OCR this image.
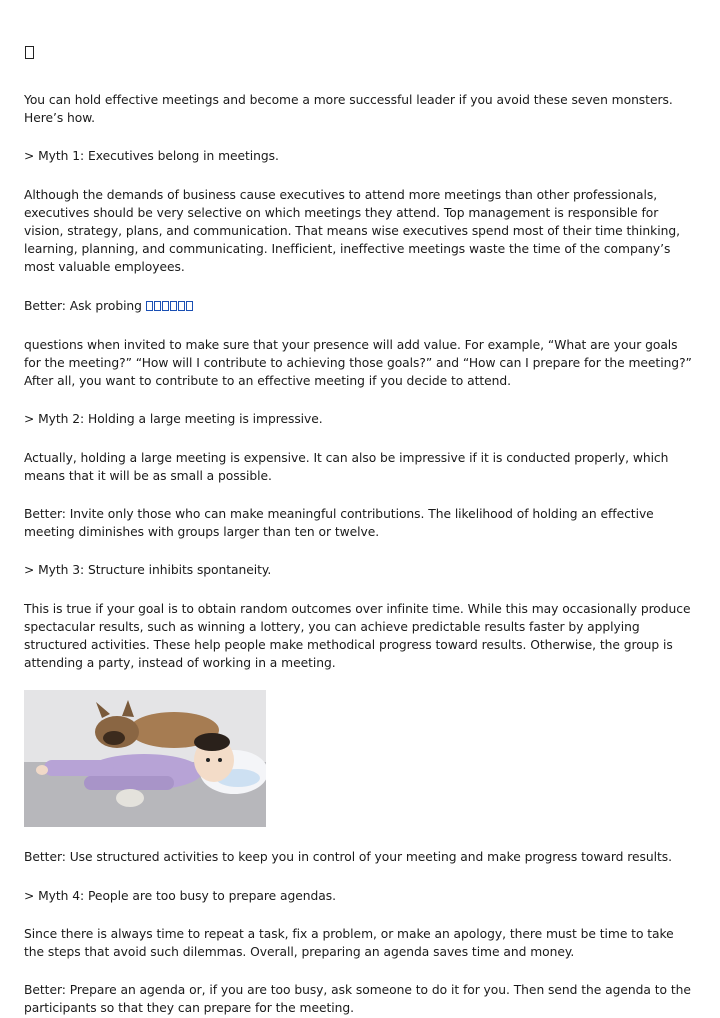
You can hold effective meetings and become a more successful leader if you avoid these seven monsters. Here’s how.

> Myth 1: Executives belong in meetings.

Although the demands of business cause executives to attend more meetings than other professionals, executives should be very selective on which meetings they attend. Top management is responsible for vision, strategy, plans, and communication. That means wise executives spend most of their time thinking, learning, planning, and communicating. Inefficient, ineffective meetings waste the time of the company’s most valuable employees.

Better: Ask probing

questions when invited to make sure that your presence will add value. For example, “What are your goals for the meeting?” “How will I contribute to achieving those goals?” and “How can I prepare for the meeting?” After all, you want to contribute to an effective meeting if you decide to attend.

> Myth 2: Holding a large meeting is impressive.

Actually, holding a large meeting is expensive. It can also be impressive if it is conducted properly, which means that it will be as small a possible.

Better: Invite only those who can make meaningful contributions. The likelihood of holding an effective meeting diminishes with groups larger than ten or twelve.

> Myth 3: Structure inhibits spontaneity.

This is true if your goal is to obtain random outcomes over infinite time. While this may occasionally produce spectacular results, such as winning a lottery, you can achieve predictable results faster by applying structured activities. These help people make methodical progress toward results. Otherwise, the group is attending a party, instead of working in a meeting.

Better: Use structured activities to keep you in control of your meeting and make progress toward results.

> Myth 4: People are too busy to prepare agendas.

Since there is always time to repeat a task, fix a problem, or make an apology, there must be time to take the steps that avoid such dilemmas. Overall, preparing an agenda saves time and money.

Better: Prepare an agenda or, if you are too busy, ask someone to do it for you. Then send the agenda to the participants so that they can prepare for the meeting.
